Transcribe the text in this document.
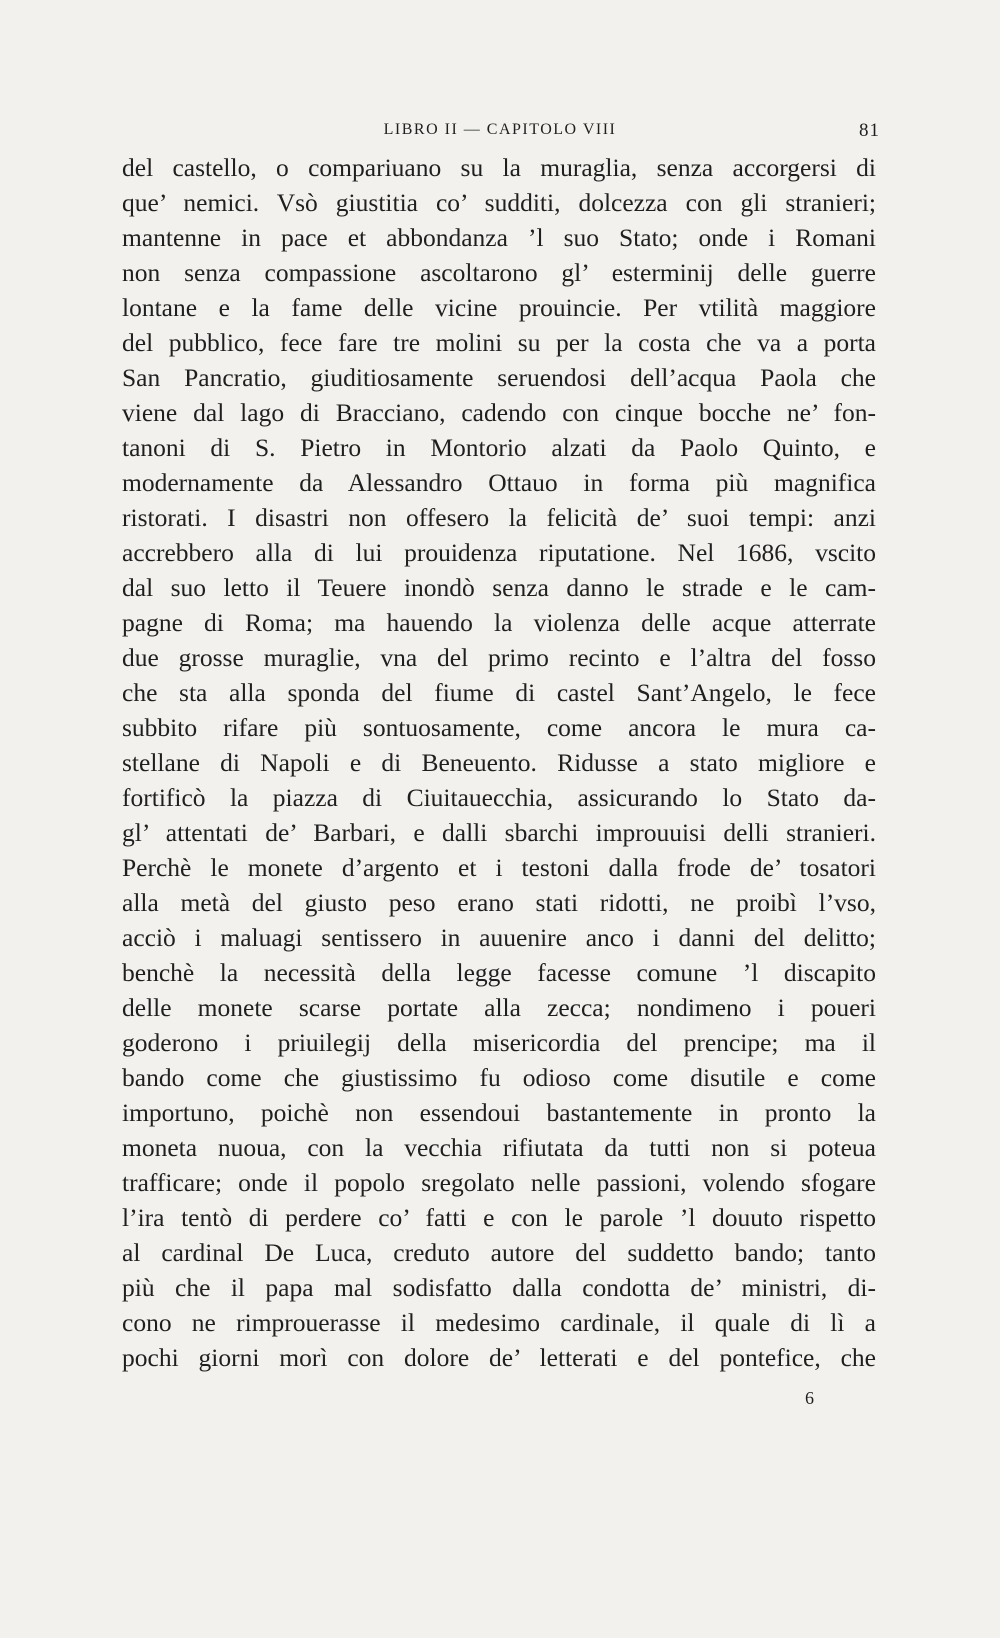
LIBRO II — CAPITOLO VIII	81
del castello, o compariuano su la muraglia, senza accorgersi di
que’ nemici. Vsò giustitia co’ sudditi, dolcezza con gli stranieri;
mantenne in pace et abbondanza ’l suo Stato; onde i Romani
non senza compassione ascoltarono gl’ esterminij delle guerre
lontane e la fame delle vicine prouincie. Per vtilità maggiore
del pubblico, fece fare tre molini su per la costa che va a porta
San Pancratio, giuditiosamente seruendosi dell’acqua Paola che
viene dal lago di Bracciano, cadendo con cinque bocche ne’ fon-
tanoni di S. Pietro in Montorio alzati da Paolo Quinto, e
modernamente da Alessandro Ottauo in forma più magnifica
ristorati. I disastri non offesero la felicità de’ suoi tempi: anzi
accrebbero alla di lui prouidenza riputatione. Nel 1686, vscito
dal suo letto il Teuere inondò senza danno le strade e le cam-
pagne di Roma; ma hauendo la violenza delle acque atterrate
due grosse muraglie, vna del primo recinto e l’altra del fosso
che sta alla sponda del fiume di castel Sant’Angelo, le fece
subbito rifare più sontuosamente, come ancora le mura ca-
stellane di Napoli e di Beneuento. Ridusse a stato migliore e
fortificò la piazza di Ciuitauecchia, assicurando lo Stato da-
gl’ attentati de’ Barbari, e dalli sbarchi improuuisi delli stranieri.
Perchè le monete d’argento et i testoni dalla frode de’ tosatori
alla metà del giusto peso erano stati ridotti, ne proibì l’vso,
acciò i maluagi sentissero in auuenire anco i danni del delitto;
benchè la necessità della legge facesse comune ’l discapito
delle monete scarse portate alla zecca; nondimeno i poueri
goderono i priuilegij della misericordia del prencipe; ma il
bando come che giustissimo fu odioso come disutile e come
importuno, poichè non essendoui bastantemente in pronto la
moneta nuoua, con la vecchia rifiutata da tutti non si poteua
trafficare; onde il popolo sregolato nelle passioni, volendo sfogare
l’ira tentò di perdere co’ fatti e con le parole ’l douuto rispetto
al cardinal De Luca, creduto autore del suddetto bando; tanto
più che il papa mal sodisfatto dalla condotta de’ ministri, di-
cono ne rimprouerasse il medesimo cardinale, il quale di lì a
pochi giorni morì con dolore de’ letterati e del pontefice, che
6
